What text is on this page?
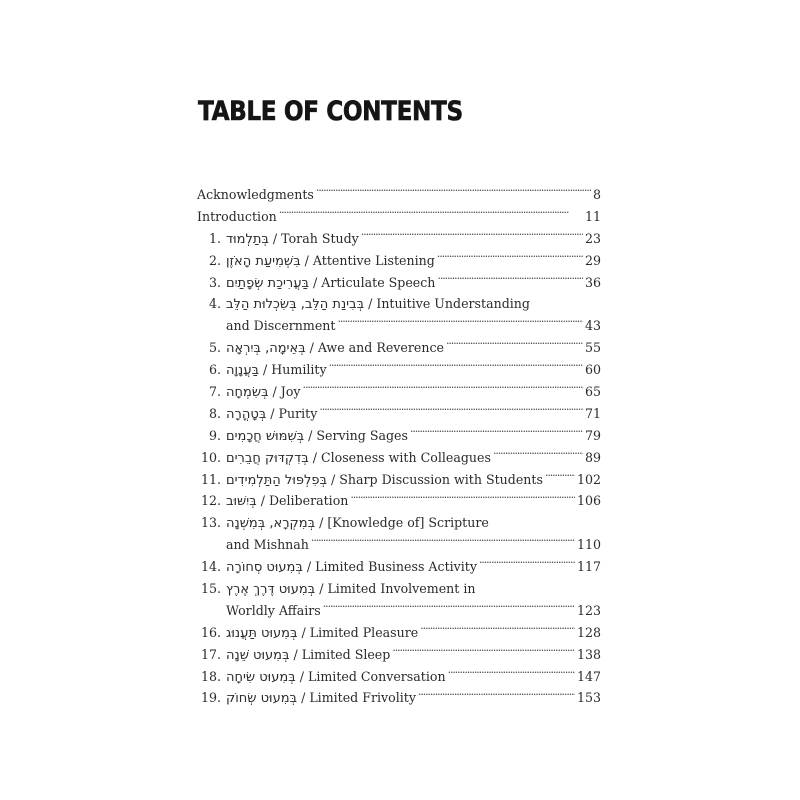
TABLE OF CONTENTS
Acknowledgments . . .	8
Introduction . . .	11
1. בְּתַלְמוּד / Torah Study . . .	23
2. בִּשְׁמִיעַת הָאֹזֶן / Attentive Listening . . .	29
3. בַּעֲרִיכַת שְׂפָתַיִם / Articulate Speech . . .	36
4. בְּבִינַת הַלֵּב, בְּשִׂכְלוּת הַלֵּב / Intuitive Understanding
and Discernment . . .	43
5. בְּאֵימָה, בְּיִרְאָה / Awe and Reverence . . .	55
6. בַּעֲנָוָה / Humility . . .	60
7. בְּשִׂמְחָה / Joy . . .	65
8. בְּטָהֳרָה / Purity . . .	71
9. בְּשִׁמּוּשׁ חֲכָמִים / Serving Sages . . .	79
10. בְּדִקְדּוּק חֲבֵרִים / Closeness with Colleagues . . .	89
11. בְּפִלְפּוּל הַתַּלְמִידִים / Sharp Discussion with Students . . .	102
12. בְּיִשּׁוּב / Deliberation . . .	106
13. בְּמִקְרָא, בְּמִשְׁנָה / [Knowledge of] Scripture
and Mishnah . . .	110
14. בְּמִעוּט סְחוֹרָה / Limited Business Activity . . .	117
15. בְּמִעוּט דֶּרֶךְ אֶרֶץ / Limited Involvement in
Worldly Affairs . . .	123
16. בְּמִעוּט תַּעֲנוּג / Limited Pleasure . . .	128
17. בְּמִעוּט שֵׁנָה / Limited Sleep . . .	138
18. בְּמִעוּט שִׂיחָה / Limited Conversation . . .	147
19. בְּמִעוּט שְׂחוֹק / Limited Frivolity . . .	153
